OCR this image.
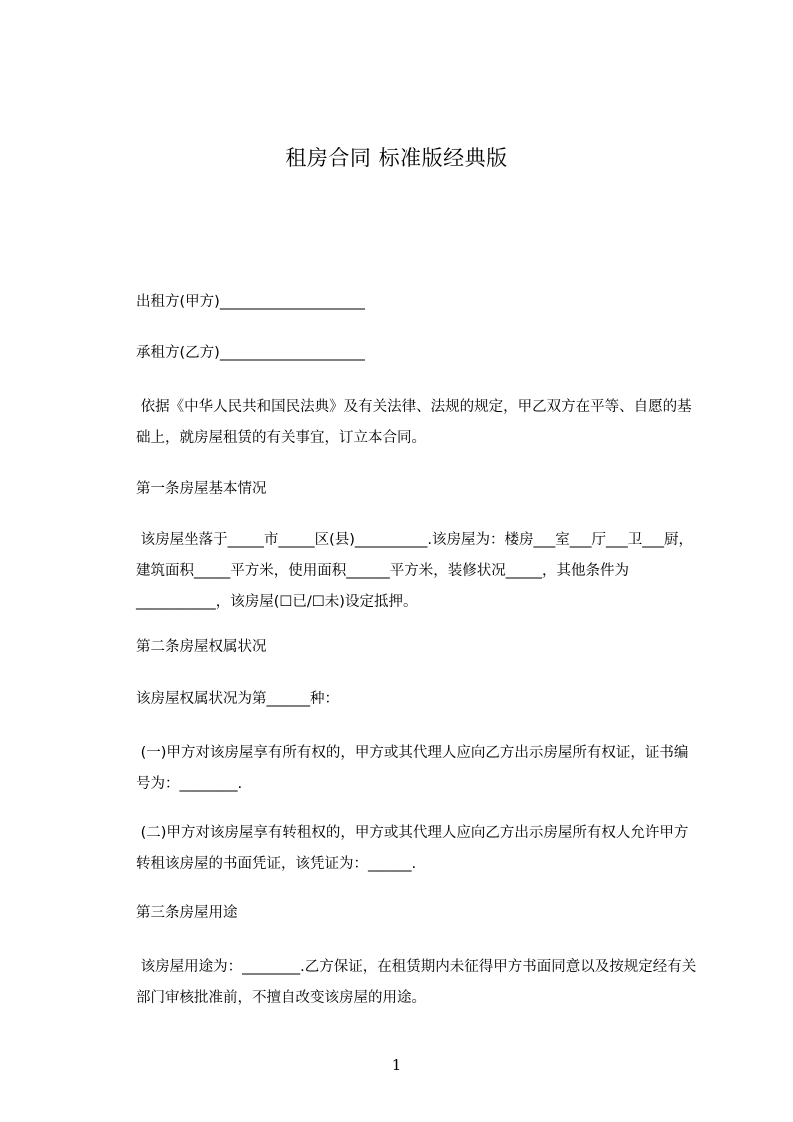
租房合同 标准版经典版
出租方(甲方)____________________
承租方(乙方)____________________
依据《中华人民共和国民法典》及有关法律、法规的规定，甲乙双方在平等、自愿的基础上，就房屋租赁的有关事宜，订立本合同。
第一条房屋基本情况
该房屋坐落于_____市_____区(县)__________.该房屋为：楼房___室___厅___卫___厨，建筑面积_____平方米，使用面积______平方米，装修状况_____，其他条件为___________，该房屋(☐已/☐未)设定抵押。
第二条房屋权属状况
该房屋权属状况为第______种：
(一)甲方对该房屋享有所有权的，甲方或其代理人应向乙方出示房屋所有权证，证书编号为：________.
(二)甲方对该房屋享有转租权的，甲方或其代理人应向乙方出示房屋所有权人允许甲方转租该房屋的书面凭证，该凭证为：______.
第三条房屋用途
该房屋用途为：________.乙方保证，在租赁期内未征得甲方书面同意以及按规定经有关部门审核批准前，不擅自改变该房屋的用途。
1
